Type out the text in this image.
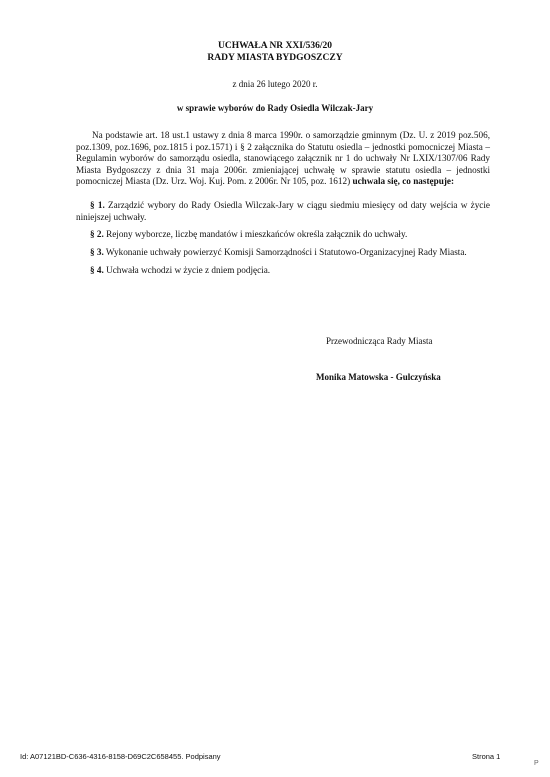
UCHWAŁA NR XXI/536/20
RADY MIASTA BYDGOSZCZY
z dnia 26 lutego 2020 r.
w sprawie wyborów do Rady Osiedla Wilczak-Jary
Na podstawie art. 18 ust.1 ustawy z dnia 8 marca 1990r. o samorządzie gminnym (Dz. U. z 2019 poz.506, poz.1309, poz.1696, poz.1815 i poz.1571) i § 2 załącznika do Statutu osiedla – jednostki pomocniczej Miasta – Regulamin wyborów do samorządu osiedla, stanowiącego załącznik nr 1 do uchwały Nr LXIX/1307/06 Rady Miasta Bydgoszczy z dnia 31 maja 2006r. zmieniającej uchwałę w sprawie statutu osiedla – jednostki pomocniczej Miasta (Dz. Urz. Woj. Kuj. Pom. z 2006r. Nr 105, poz. 1612) uchwala się, co następuje:
§ 1. Zarządzić wybory do Rady Osiedla Wilczak-Jary w ciągu siedmiu miesięcy od daty wejścia w życie niniejszej uchwały.
§ 2. Rejony wyborcze, liczbę mandatów i mieszkańców określa załącznik do uchwały.
§ 3. Wykonanie uchwały powierzyć Komisji Samorządności i Statutowo-Organizacyjnej Rady Miasta.
§ 4. Uchwała wchodzi w życie z dniem podjęcia.
Przewodnicząca Rady Miasta
Monika Matowska - Gulczyńska
Id: A07121BD-C636-4316-8158-D69C2C658455. Podpisany	Strona 1
P
